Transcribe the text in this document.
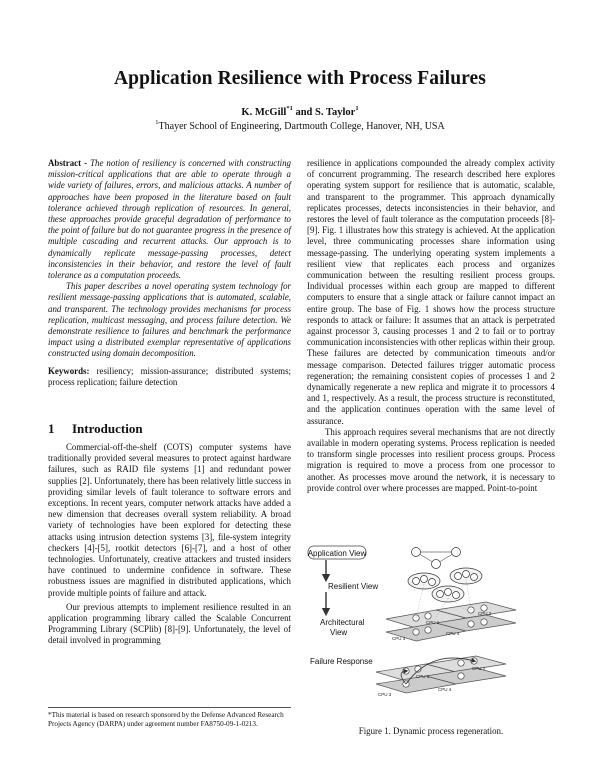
Application Resilience with Process Failures
K. McGill$^{*1}$ and S. Taylor$^1$
$^1$Thayer School of Engineering, Dartmouth College, Hanover, NH, USA

Abstract - The notion of resiliency is concerned with constructing mission-critical applications that are able to operate through a wide variety of failures, errors, and malicious attacks. A number of approaches have been proposed in the literature based on fault tolerance achieved through replication of resources. In general, these approaches provide graceful degradation of performance to the point of failure but do not guarantee progress in the presence of multiple cascading and recurrent attacks. Our approach is to dynamically replicate message-passing processes, detect inconsistencies in their behavior, and restore the level of fault tolerance as a computation proceeds.

This paper describes a novel operating system technology for resilient message-passing applications that is automated, scalable, and transparent. The technology provides mechanisms for process replication, multicast messaging, and process failure detection. We demonstrate resilience to failures and benchmark the performance impact using a distributed exemplar representative of applications constructed using domain decomposition.

Keywords: resiliency; mission-assurance; distributed systems; process replication; failure detection

1 Introduction

Commercial-off-the-shelf (COTS) computer systems have traditionally provided several measures to protect against hardware failures, such as RAID file systems [1] and redundant power supplies [2]. Unfortunately, there has been relatively little success in providing similar levels of fault tolerance to software errors and exceptions. In recent years, computer network attacks have added a new dimension that decreases overall system reliability. A broad variety of technologies have been explored for detecting these attacks using intrusion detection systems [3], file-system integrity checkers [4]-[5], rootkit detectors [6]-[7], and a host of other technologies. Unfortunately, creative attackers and trusted insiders have continued to undermine confidence in software. These robustness issues are magnified in distributed applications, which provide multiple points of failure and attack.

Our previous attempts to implement resilience resulted in an application programming library called the Scalable Concurrent Programming Library (SCPlib) [8]-[9]. Unfortunately, the level of detail involved in programming

*This material is based on research sponsored by the Defense Advanced Research Projects Agency (DARPA) under agreement number FA8750-09-1-0213.

resilience in applications compounded the already complex activity of concurrent programming. The research described here explores operating system support for resilience that is automatic, scalable, and transparent to the programmer. This approach dynamically replicates processes, detects inconsistencies in their behavior, and restores the level of fault tolerance as the computation proceeds [8]-[9]. Fig. 1 illustrates how this strategy is achieved. At the application level, three communicating processes share information using message-passing. The underlying operating system implements a resilient view that replicates each process and organizes communication between the resulting resilient process groups. Individual processes within each group are mapped to different computers to ensure that a single attack or failure cannot impact an entire group. The base of Fig. 1 shows how the process structure responds to attack or failure: It assumes that an attack is perpetrated against processor 3, causing processes 1 and 2 to fail or to portray communication inconsistencies with other replicas within their group. These failures are detected by communication timeouts and/or message comparison. Detected failures trigger automatic process regeneration; the remaining consistent copies of processes 1 and 2 dynamically regenerate a new replica and migrate it to processors 4 and 1, respectively. As a result, the process structure is reconstituted, and the application continues operation with the same level of assurance.

This approach requires several mechanisms that are not directly available in modern operating systems. Process replication is needed to transform single processes into resilient process groups. Process migration is required to move a process from one processor to another. As processes move around the network, it is necessary to provide control over where processes are mapped. Point-to-point

Application View
Resilient View
Architectural
View
CPU 1
CPU 2
CPU 3
CPU 4
Failure Response
CPU 1
CPU 2
CPU 3
CPU 4
Figure 1. Dynamic process regeneration.
